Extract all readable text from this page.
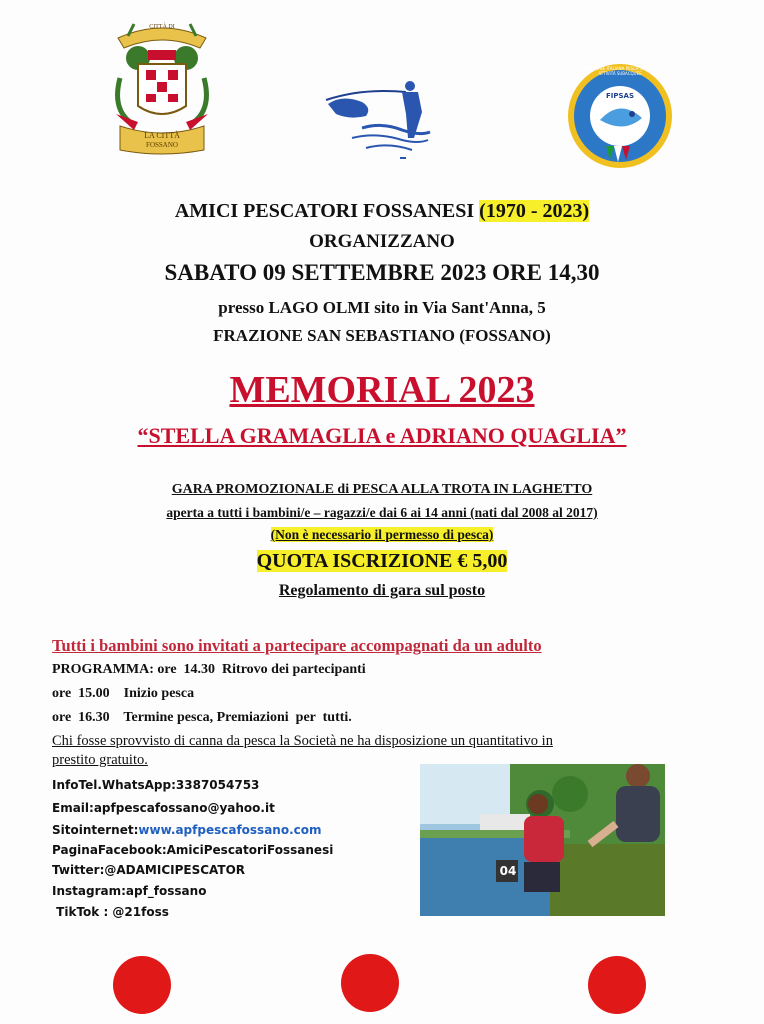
CITTÀ DI
LA CITTÀ
FOSSANO
FIPSAS
FEDERAZIONE ITALIANA PESCA SPORTIVA E ATTIVITÀ SUBACQUEE
AMICI PESCATORI FOSSANESI (1970 - 2023)
ORGANIZZANO
SABATO 09 SETTEMBRE 2023 ORE 14,30
presso LAGO OLMI sito in Via Sant'Anna, 5
FRAZIONE SAN SEBASTIANO (FOSSANO)
MEMORIAL 2023
“STELLA GRAMAGLIA e ADRIANO QUAGLIA”
GARA PROMOZIONALE di PESCA ALLA TROTA IN LAGHETTO
aperta a tutti i bambini/e – ragazzi/e dai 6 ai 14 anni (nati dal 2008 al 2017)
(Non è necessario il permesso di pesca)
QUOTA ISCRIZIONE € 5,00
Regolamento di gara sul posto
Tutti i bambini sono invitati a partecipare accompagnati da un adulto
PROGRAMMA: ore  14.30  Ritrovo dei partecipanti
ore  15.00    Inizio pesca
ore  16.30    Termine pesca, Premiazioni  per  tutti.
Chi fosse sprovvisto di canna da pesca la Società ne ha disposizione un quantitativo in
prestito gratuito.
InfoTel.WhatsApp:3387054753
Email:apfpescafossano@yahoo.it
Sitointernet:www.apfpescafossano.com
PaginaFacebook:AmiciPescatoriFossanesi
Twitter:@ADAMICIPESCATOR
Instagram:apf_fossano
TikTok : @21foss
04
